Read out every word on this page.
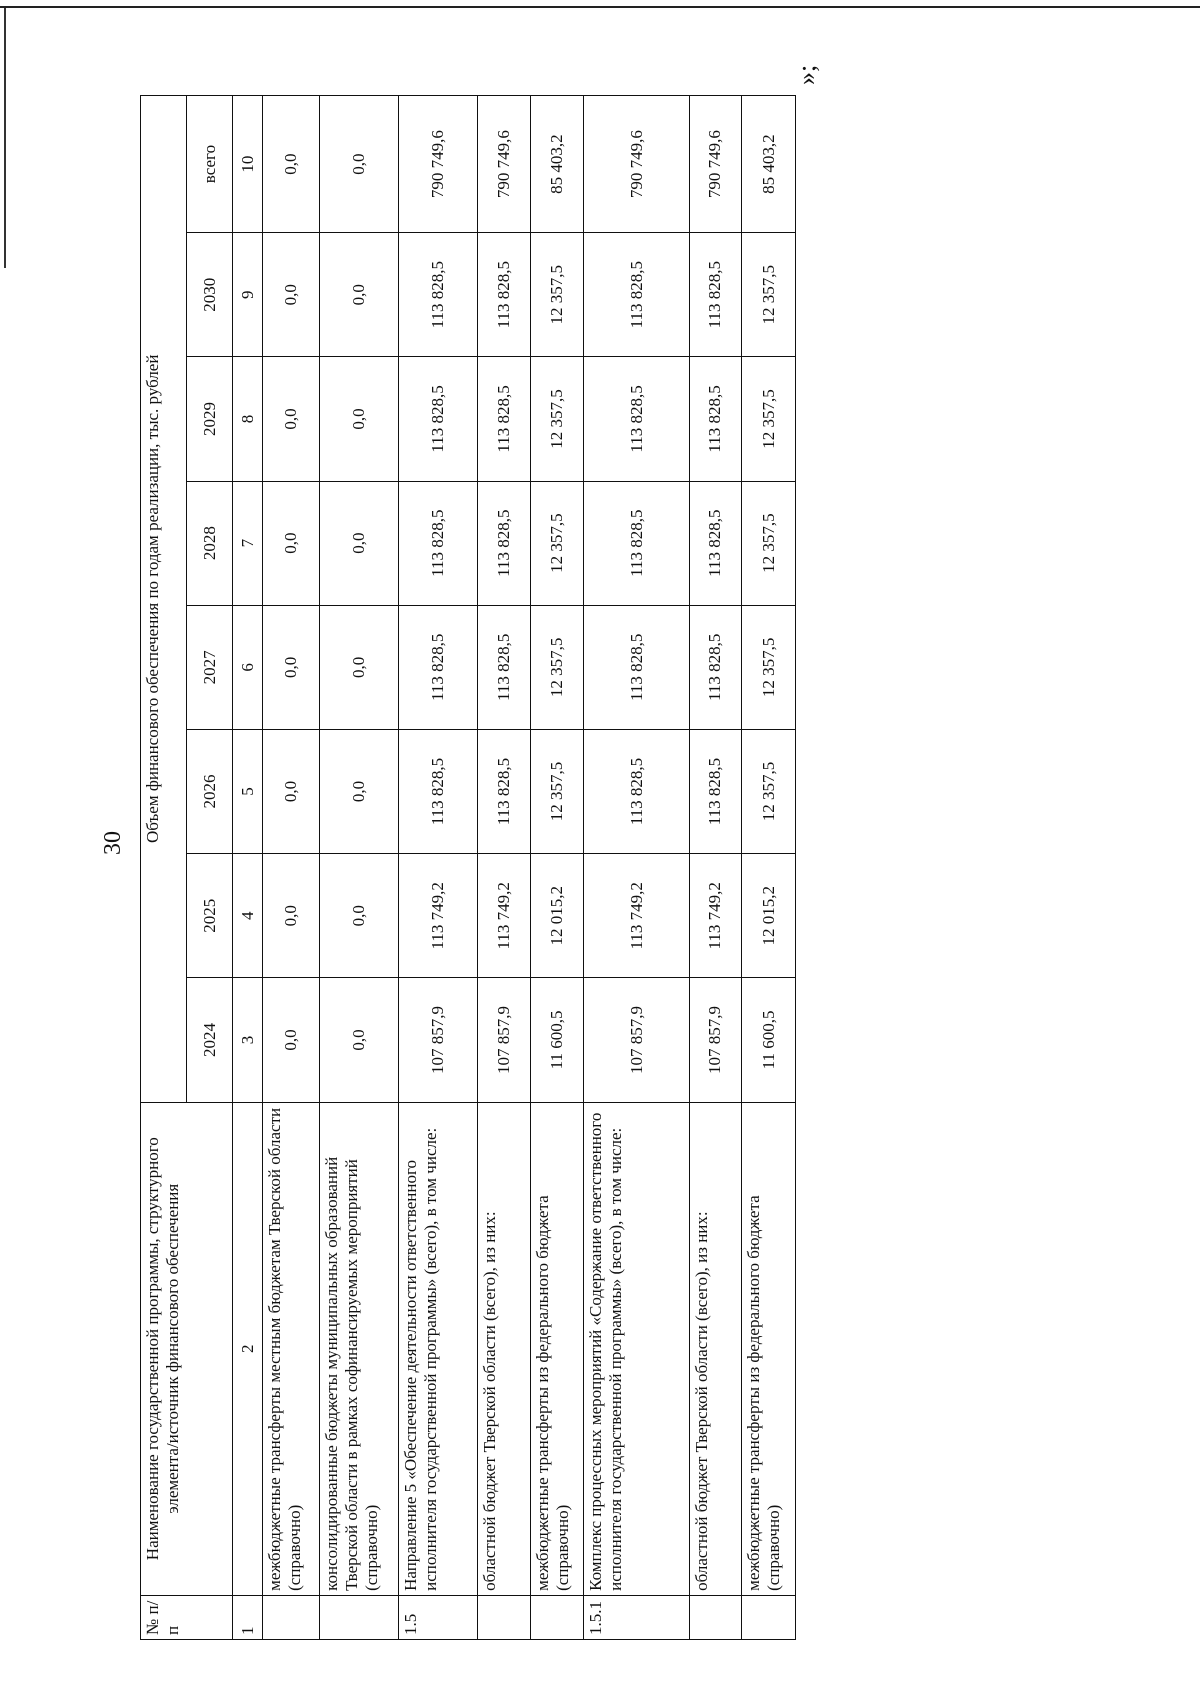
30
№ п/п	Наименование государственной программы, структурного элемента/источник финансового обеспечения	Объем финансового обеспечения по годам реализации, тыс. рублей							
		2024	2025	2026	2027	2028	2029	2030	всего
1	2	3	4	5	6	7	8	9	10
	межбюджетные трансферты местным бюджетам Тверской области (справочно)	0,0	0,0	0,0	0,0	0,0	0,0	0,0	0,0
	консолидированные бюджеты муниципальных образований Тверской области в рамках софинансируемых мероприятий (справочно)	0,0	0,0	0,0	0,0	0,0	0,0	0,0	0,0
1.5	Направление 5 «Обеспечение деятельности ответственного исполнителя государственной программы» (всего), в том числе:	107 857,9	113 749,2	113 828,5	113 828,5	113 828,5	113 828,5	113 828,5	790 749,6
	областной бюджет Тверской области (всего), из них:	107 857,9	113 749,2	113 828,5	113 828,5	113 828,5	113 828,5	113 828,5	790 749,6
	межбюджетные трансферты из федерального бюджета (справочно)	11 600,5	12 015,2	12 357,5	12 357,5	12 357,5	12 357,5	12 357,5	85 403,2
1.5.1	Комплекс процессных мероприятий «Содержание ответственного исполнителя государственной программы» (всего), в том числе:	107 857,9	113 749,2	113 828,5	113 828,5	113 828,5	113 828,5	113 828,5	790 749,6
	областной бюджет Тверской области (всего), из них:	107 857,9	113 749,2	113 828,5	113 828,5	113 828,5	113 828,5	113 828,5	790 749,6
	межбюджетные трансферты из федерального бюджета (справочно)	11 600,5	12 015,2	12 357,5	12 357,5	12 357,5	12 357,5	12 357,5	85 403,2
»;
